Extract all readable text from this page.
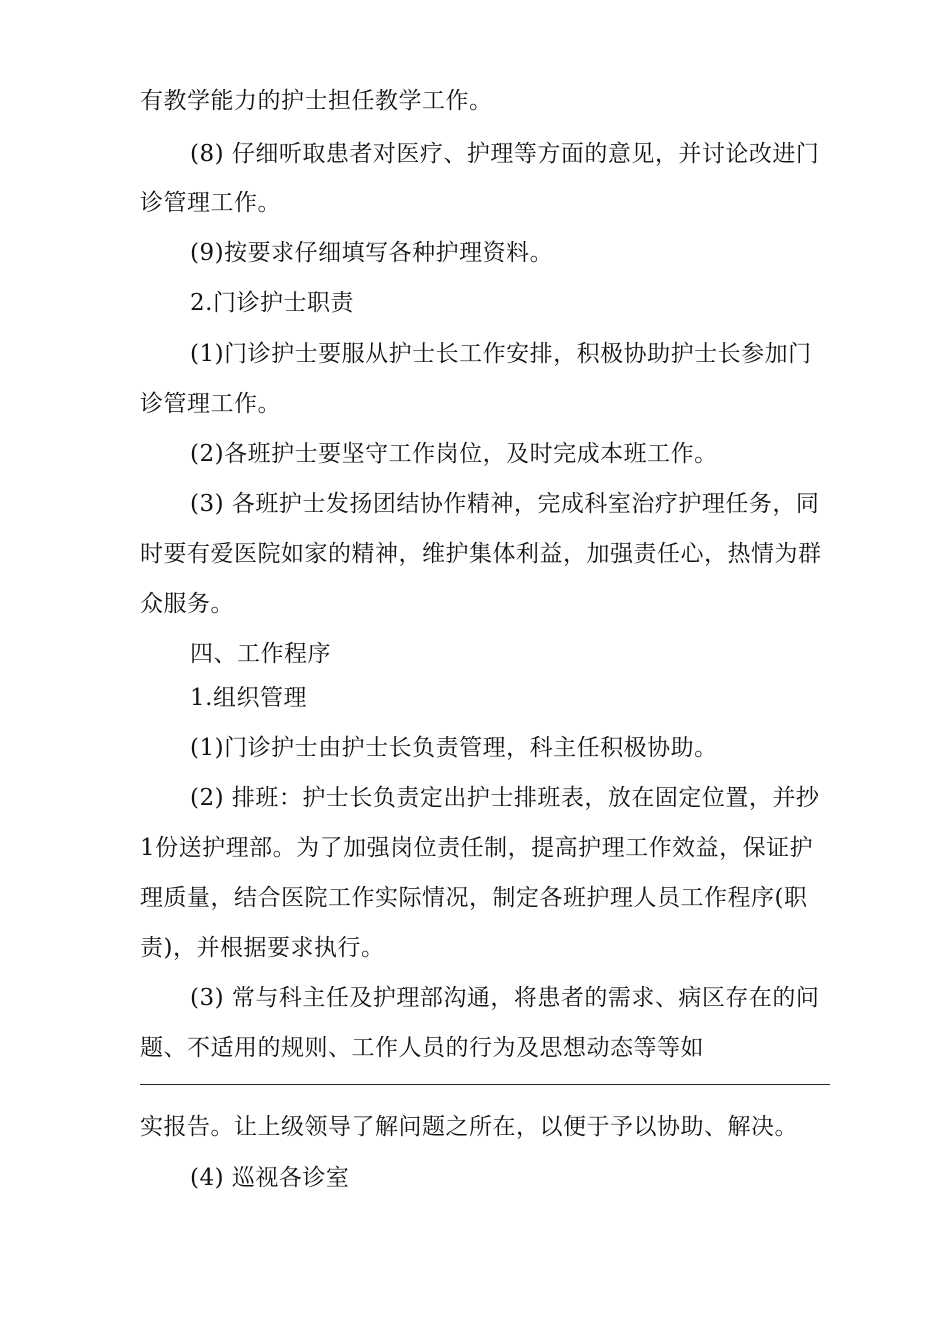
有教学能力的护士担任教学工作。
(8) 仔细听取患者对医疗、护理等方面的意见，并讨论改进门
诊管理工作。
(9)按要求仔细填写各种护理资料。
2.门诊护士职责
(1)门诊护士要服从护士长工作安排，积极协助护士长参加门
诊管理工作。
(2)各班护士要坚守工作岗位，及时完成本班工作。
(3) 各班护士发扬团结协作精神，完成科室治疗护理任务，同
时要有爱医院如家的精神，维护集体利益，加强责任心，热情为群
众服务。
四、工作程序
1.组织管理
(1)门诊护士由护士长负责管理，科主任积极协助。
(2) 排班：护士长负责定出护士排班表，放在固定位置，并抄
1份送护理部。为了加强岗位责任制，提高护理工作效益，保证护
理质量，结合医院工作实际情况，制定各班护理人员工作程序(职
责)，并根据要求执行。
(3) 常与科主任及护理部沟通，将患者的需求、病区存在的问
题、不适用的规则、工作人员的行为及思想动态等等如
实报告。让上级领导了解问题之所在，以便于予以协助、解决。
(4) 巡视各诊室
